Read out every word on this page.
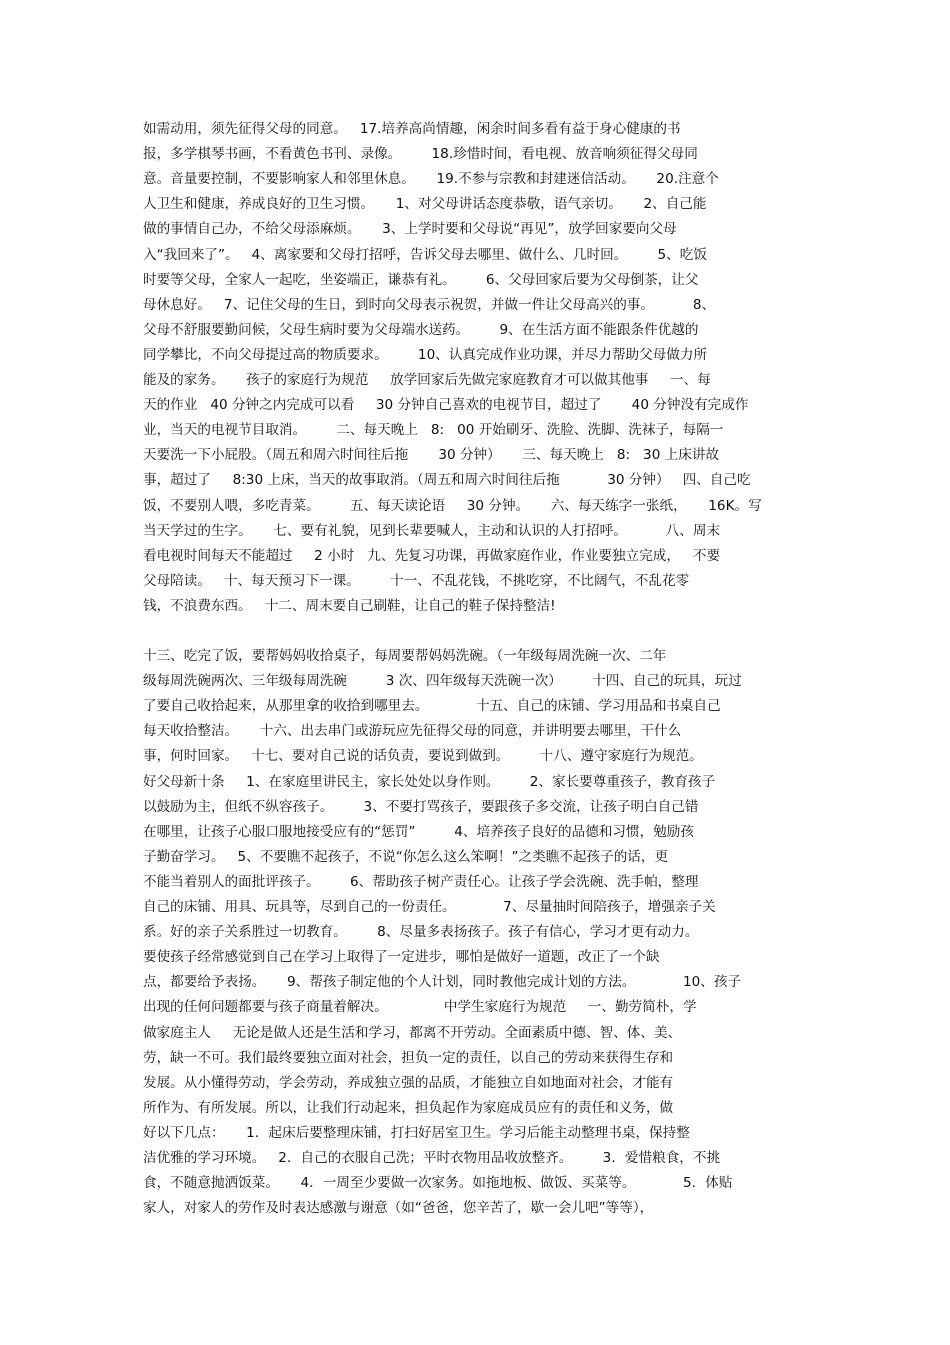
如需动用，须先征得父母的同意。   17.培养高尚情趣，闲余时间多看有益于身心健康的书
报，多学棋琴书画，不看黄色书刊、录像。       18.珍惜时间，看电视、放音响须征得父母同
意。音量要控制，不要影响家人和邻里休息。     19.不参与宗教和封建迷信活动。     20.注意个
人卫生和健康，养成良好的卫生习惯。     1、对父母讲话态度恭敬，语气亲切。     2、自己能
做的事情自己办，不给父母添麻烦。     3、上学时要和父母说“再见”，放学回家要向父母
入“我回来了”。   4、离家要和父母打招呼，告诉父母去哪里、做什么、几时回。       5、吃饭
时要等父母，全家人一起吃，坐姿端正，谦恭有礼。       6、父母回家后要为父母倒茶，让父
母休息好。   7、记住父母的生日，到时向父母表示祝贺，并做一件让父母高兴的事。         8、
父母不舒服要勤问候，父母生病时要为父母端水送药。       9、在生活方面不能跟条件优越的
同学攀比，不向父母提过高的物质要求。       10、认真完成作业功课，并尽力帮助父母做力所
能及的家务。     孩子的家庭行为规范     放学回家后先做完家庭教育才可以做其他事     一、每
天的作业   40 分钟之内完成可以看     30 分钟自己喜欢的电视节目，超过了       40 分钟没有完成作
业，当天的电视节目取消。       二、每天晚上   8:   00 开始刷牙、洗脸、洗脚、洗袜子，每隔一
天要洗一下小屁股。（周五和周六时间往后拖       30 分钟）     三、每天晚上   8:   30 上床讲故
事，超过了     8:30 上床，当天的故事取消。（周五和周六时间往后拖           30 分钟）   四、自己吃
饭，不要别人喂，多吃青菜。       五、每天读论语     30 分钟。     六、每天练字一张纸，     16K。写
当天学过的生字。     七、要有礼貌，见到长辈要喊人，主动和认识的人打招呼。         八、周末
看电视时间每天不能超过     2 小时   九、先复习功课，再做家庭作业，作业要独立完成，   不要
父母陪读。   十、每天预习下一课。       十一、不乱花钱，不挑吃穿，不比阔气，不乱花零
钱，不浪费东西。   十二、周末要自己刷鞋，让自己的鞋子保持整洁!
十三、吃完了饭，要帮妈妈收拾桌子，每周要帮妈妈洗碗。（一年级每周洗碗一次、二年
级每周洗碗两次、三年级每周洗碗         3 次、四年级每天洗碗一次）       十四、自己的玩具，玩过
了要自己收拾起来，从那里拿的收拾到哪里去。           十五、自己的床铺、学习用品和书桌自己
每天收拾整洁。     十六、出去串门或游玩应先征得父母的同意，并讲明要去哪里，干什么
事，何时回家。   十七、要对自己说的话负责，要说到做到。       十八、遵守家庭行为规范。
好父母新十条     1、在家庭里讲民主，家长处处以身作则。       2、家长要尊重孩子，教育孩子
以鼓励为主，但纸不纵容孩子。       3、不要打骂孩子，要跟孩子多交流，让孩子明白自己错
在哪里，让孩子心服口服地接受应有的“惩罚”         4、培养孩子良好的品德和习惯，勉励孩
子勤奋学习。   5、不要瞧不起孩子，不说“你怎么这么笨啊！”之类瞧不起孩子的话，更
不能当着别人的面批评孩子。       6、帮助孩子树产责任心。让孩子学会洗碗、洗手帕，整理
自己的床铺、用具、玩具等，尽到自己的一份责任。           7、尽量抽时间陪孩子，增强亲子关
系。好的亲子关系胜过一切教育。       8、尽量多表扬孩子。孩子有信心，学习才更有动力。
要使孩子经常感觉到自己在学习上取得了一定进步，哪怕是做好一道题，改正了一个缺
点，都要给予表扬。     9、帮孩子制定他的个人计划，同时教他完成计划的方法。           10、孩子
出现的任何问题都要与孩子商量着解决。             中学生家庭行为规范     一、勤劳简朴，学
做家庭主人     无论是做人还是生活和学习，都离不开劳动。全面素质中德、智、体、美、
劳，缺一不可。我们最终要独立面对社会，担负一定的责任，以自己的劳动来获得生存和
发展。从小懂得劳动，学会劳动，养成独立强的品质，才能独立自如地面对社会，才能有
所作为、有所发展。所以，让我们行动起来，担负起作为家庭成员应有的责任和义务，做
好以下几点：     1．起床后要整理床铺，打扫好居室卫生。学习后能主动整理书桌，保持整
洁优雅的学习环境。   2．自己的衣服自己洗；平时衣物用品收放整齐。       3．爱惜粮食，不挑
食，不随意抛洒饭菜。     4．一周至少要做一次家务。如拖地板、做饭、买菜等。           5．体贴
家人，对家人的劳作及时表达感激与谢意（如“爸爸，您辛苦了，歇一会儿吧”等等），
